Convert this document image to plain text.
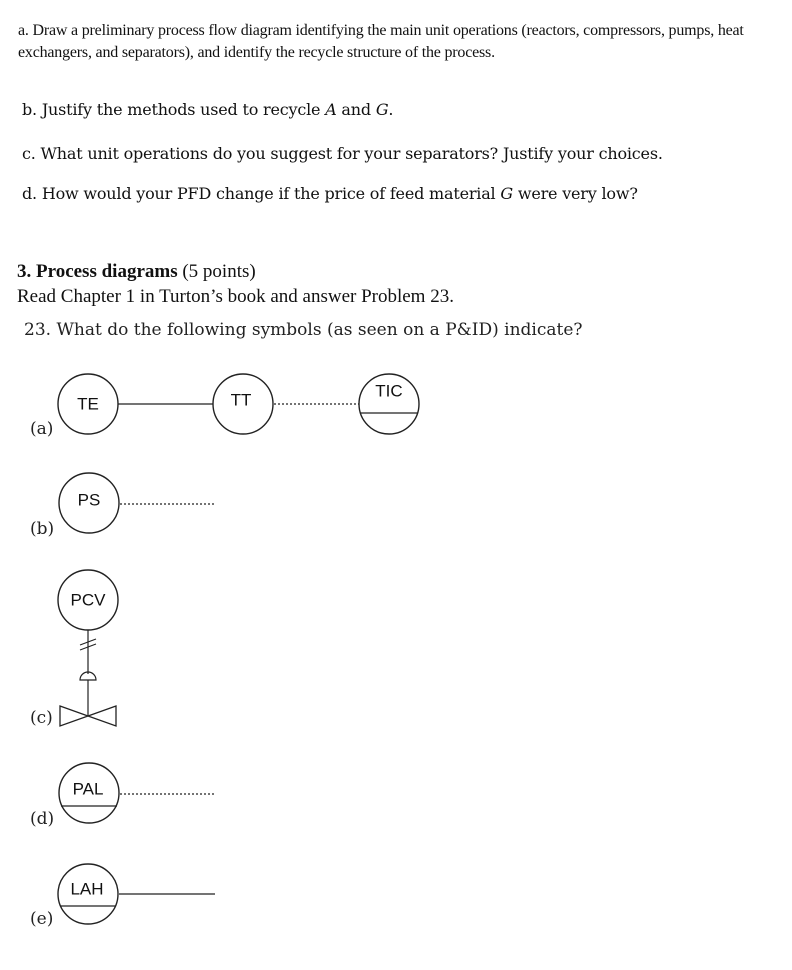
a. Draw a preliminary process flow diagram identifying the main unit operations (reactors, compressors, pumps, heat exchangers, and separators), and identify the recycle structure of the process.
b. Justify the methods used to recycle A and G.
c. What unit operations do you suggest for your separators? Justify your choices.
d. How would your PFD change if the price of feed material G were very low?
3. Process diagrams (5 points)
Read Chapter 1 in Turton’s book and answer Problem 23.
23. What do the following symbols (as seen on a P&ID) indicate?
(a)
TE	TT	TIC
(b)
PS
(c)
PCV
(d)
PAL
(e)
LAH
